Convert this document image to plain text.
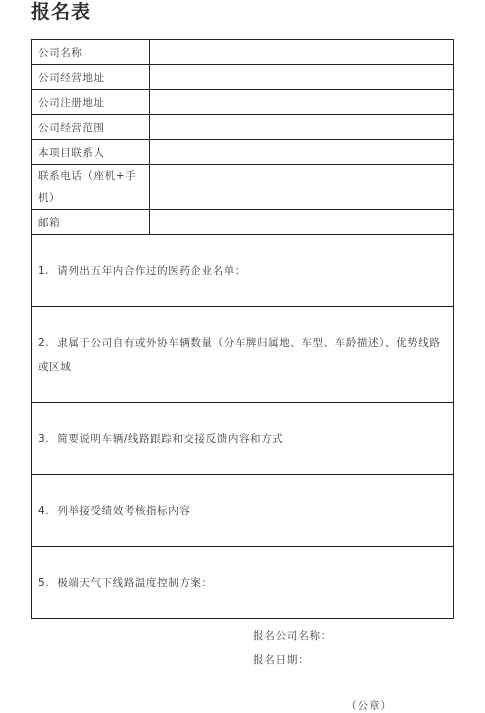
报名表
公司名称	
公司经营地址	
公司注册地址	
公司经营范围	
本项目联系人	
联系电话（座机+手机）	
邮箱	
1. 请列出五年内合作过的医药企业名单：	
2. 隶属于公司自有或外协车辆数量（分车牌归属地、车型、车龄描述）、优势线路或区域	
3. 简要说明车辆/线路跟踪和交接反馈内容和方式	
4. 列举接受绩效考核指标内容	
5. 极端天气下线路温度控制方案：	
报名公司名称：
报名日期：
（公章）
